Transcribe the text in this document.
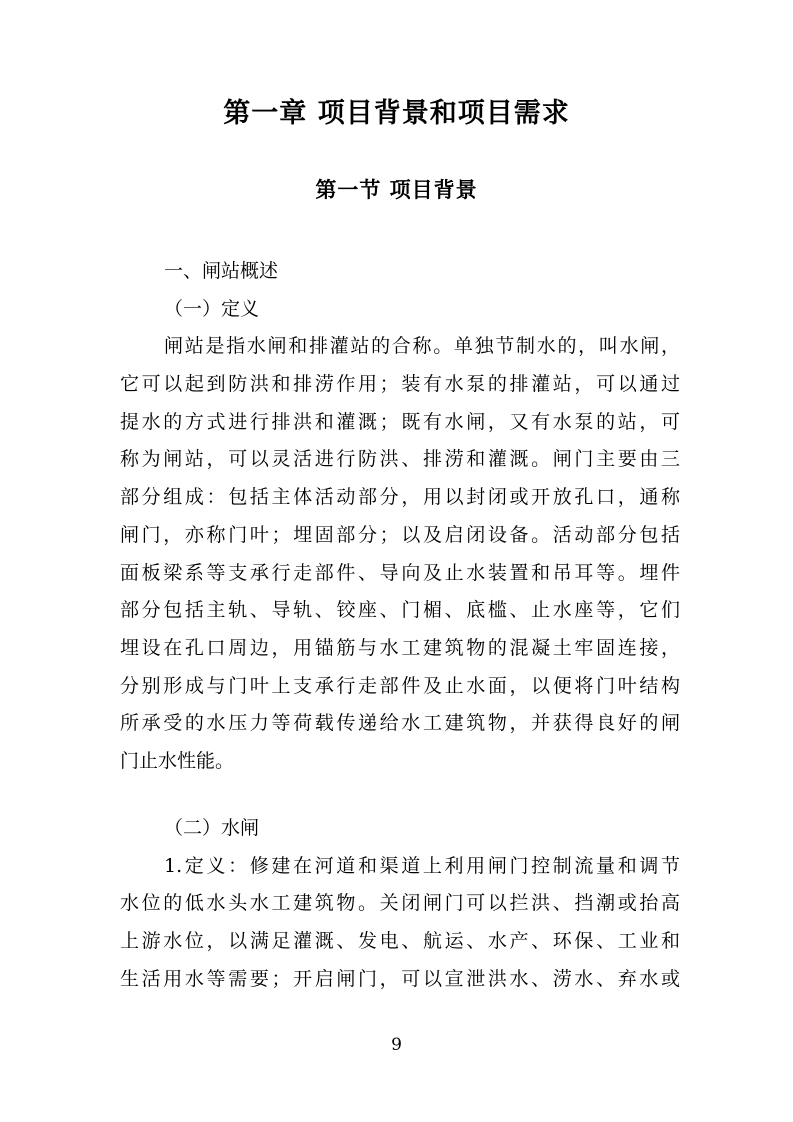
第一章 项目背景和项目需求
第一节 项目背景
一、闸站概述
（一）定义
闸站是指水闸和排灌站的合称。单独节制水的，叫水闸，
它可以起到防洪和排涝作用；装有水泵的排灌站，可以通过
提水的方式进行排洪和灌溉；既有水闸，又有水泵的站，可
称为闸站，可以灵活进行防洪、排涝和灌溉。闸门主要由三
部分组成：包括主体活动部分，用以封闭或开放孔口，通称
闸门，亦称门叶；埋固部分；以及启闭设备。活动部分包括
面板梁系等支承行走部件、导向及止水装置和吊耳等。埋件
部分包括主轨、导轨、铰座、门楣、底槛、止水座等，它们
埋设在孔口周边，用锚筋与水工建筑物的混凝土牢固连接，
分别形成与门叶上支承行走部件及止水面，以便将门叶结构
所承受的水压力等荷载传递给水工建筑物，并获得良好的闸
门止水性能。
（二）水闸
1.定义：修建在河道和渠道上利用闸门控制流量和调节
水位的低水头水工建筑物。关闭闸门可以拦洪、挡潮或抬高
上游水位，以满足灌溉、发电、航运、水产、环保、工业和
生活用水等需要；开启闸门，可以宣泄洪水、涝水、弃水或
9
